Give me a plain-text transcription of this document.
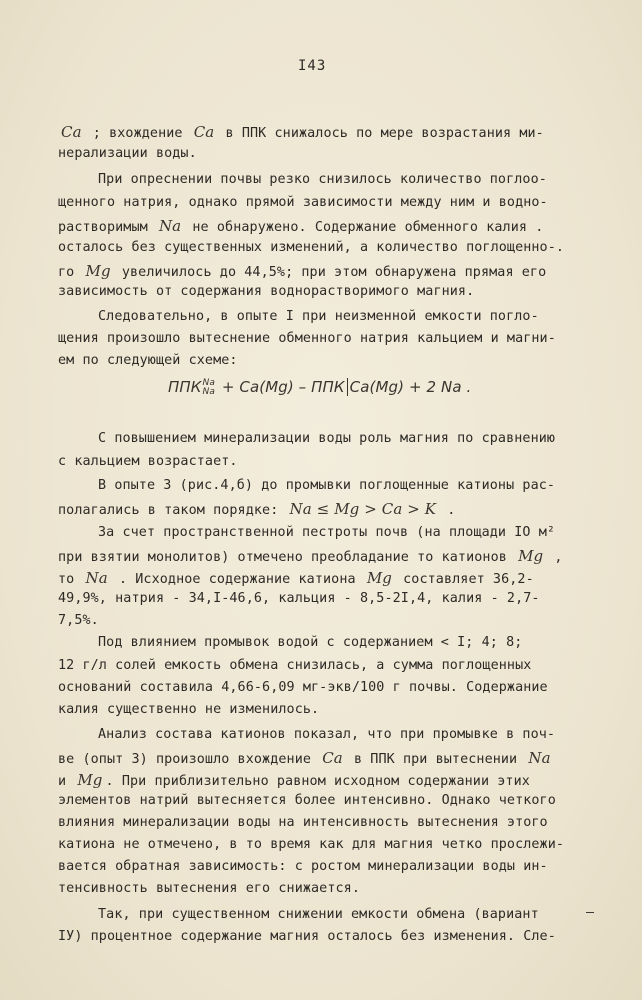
I43
Ca ; вхождение Ca в ППК снижалось по мере возрастания ми-
нерализации воды.
При опреснении почвы резко снизилось количество поглоo-
щенного натрия, однако прямой зависимости между ним и водно-
растворимым Na не обнаружено. Содержание обменного калия .
осталось без существенных изменений, а количество поглощенно-.
го Mg увеличилось до 44,5%; при этом обнаружена прямая его
зависимость от содержания воднорастворимого магния.
Следовательно, в опыте I при неизменной емкости поглo-
щения произошло вытеснение обменного натрия кальцием и магни-
ем по следующей схеме:
С повышением минерализации воды роль магния по сравнению
с кальцием возрастает.
В опыте 3 (рис.4,б) до промывки поглощенные катионы рас-
полагались в таком порядке: Na ≤ Mg > Ca > K .
За счет пространственной пестроты почв (на площади IO м²
при взятии монолитов) отмечено преобладание то катионов Mg ,
то Na . Исходное содержание катиона Mg составляет 36,2-
49,9%, натрия - 34,I-46,6, кальция - 8,5-2I,4, калия - 2,7-
7,5%.
Под влиянием промывок водой с содержанием < I; 4; 8;
12 г/л солей емкость обмена снизилась, а сумма поглощенных
оснований составила 4,66-6,09 мг-экв/100 г почвы. Содержание
калия существенно не изменилось.
Анализ состава катионов показал, что при промывке в поч-
ве (опыт 3) произошло вхождение Ca в ППК при вытеснении Na
и Mg . При приблизительно равном исходном содержании этих
элементов натрий вытесняется более интенсивно. Однако четкого
влияния минерализации воды на интенсивность вытеснения этого
катиона не отмечено, в то время как для магния четко прослежи-
вается обратная зависимость: с ростом минерализации воды ин-
тенсивность вытеснения его снижается.
Так, при существенном снижении емкости обмена (вариант
IУ) процентное содержание магния осталось без изменения. Сле-
ППКNa
Na + Ca(Mg) – ППК Ca(Mg) + 2 Na .
–
